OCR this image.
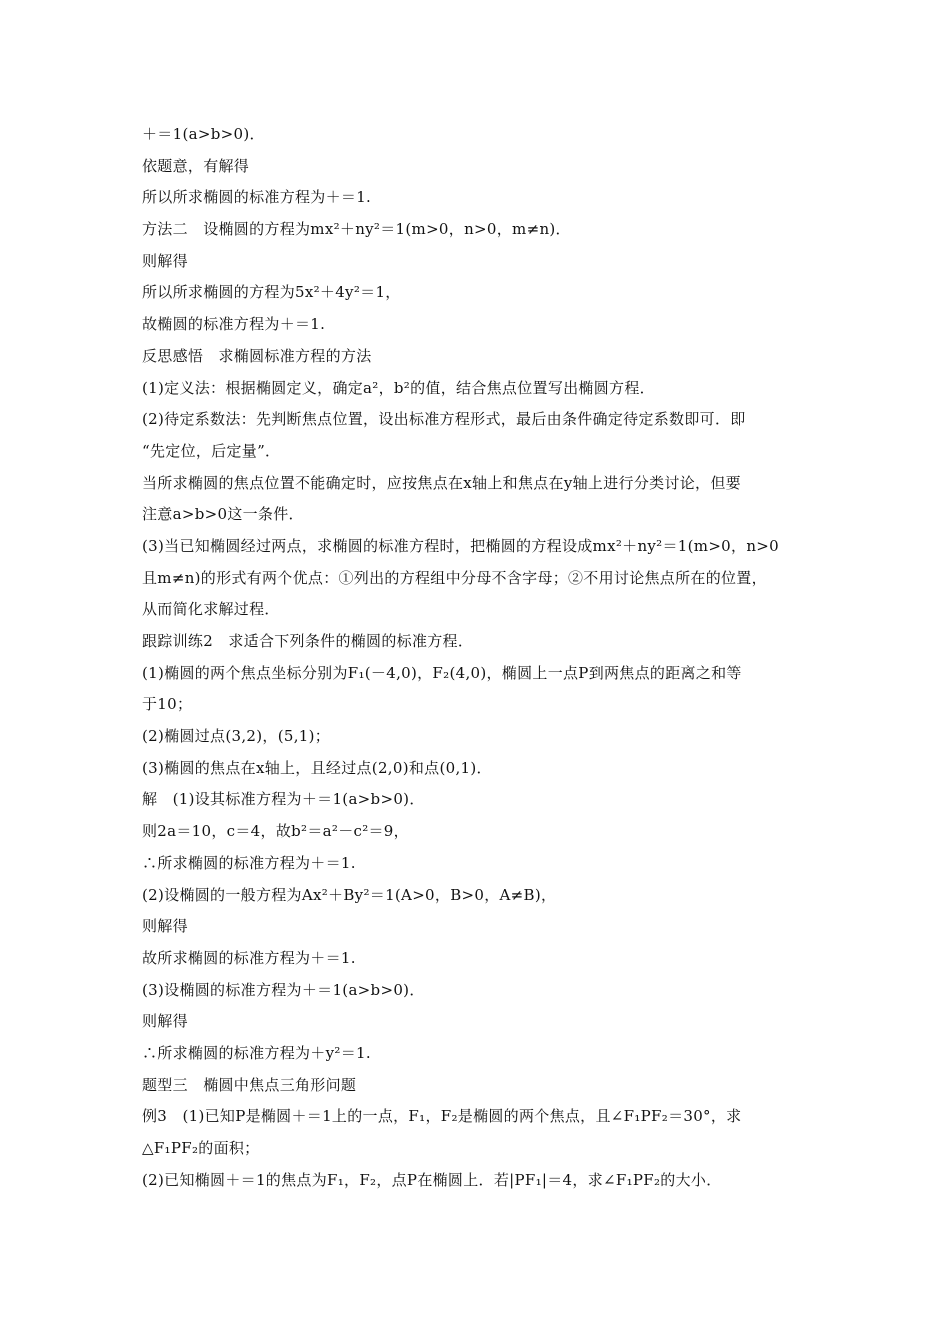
＋＝1(a>b>0)．
依题意，有解得
所以所求椭圆的标准方程为＋＝1.
方法二　设椭圆的方程为mx²＋ny²＝1(m>0，n>0，m≠n)．
则解得
所以所求椭圆的方程为5x²＋4y²＝1，
故椭圆的标准方程为＋＝1.
反思感悟　求椭圆标准方程的方法
(1)定义法：根据椭圆定义，确定a²，b²的值，结合焦点位置写出椭圆方程．
(2)待定系数法：先判断焦点位置，设出标准方程形式，最后由条件确定待定系数即可．即
“先定位，后定量”．
当所求椭圆的焦点位置不能确定时，应按焦点在x轴上和焦点在y轴上进行分类讨论，但要
注意a>b>0这一条件．
(3)当已知椭圆经过两点，求椭圆的标准方程时，把椭圆的方程设成mx²＋ny²＝1(m>0，n>0
且m≠n)的形式有两个优点：①列出的方程组中分母不含字母；②不用讨论焦点所在的位置，
从而简化求解过程．
跟踪训练2　求适合下列条件的椭圆的标准方程．
(1)椭圆的两个焦点坐标分别为F₁(－4,0)，F₂(4,0)，椭圆上一点P到两焦点的距离之和等
于10；
(2)椭圆过点(3,2)，(5,1)；
(3)椭圆的焦点在x轴上，且经过点(2,0)和点(0,1)．
解　(1)设其标准方程为＋＝1(a>b>0)．
则2a＝10，c＝4，故b²＝a²－c²＝9，
∴所求椭圆的标准方程为＋＝1.
(2)设椭圆的一般方程为Ax²＋By²＝1(A>0，B>0，A≠B)，
则解得
故所求椭圆的标准方程为＋＝1.
(3)设椭圆的标准方程为＋＝1(a>b>0)．
则解得
∴所求椭圆的标准方程为＋y²＝1.
题型三　椭圆中焦点三角形问题
例3　(1)已知P是椭圆＋＝1上的一点，F₁，F₂是椭圆的两个焦点，且∠F₁PF₂＝30°，求
△F₁PF₂的面积；
(2)已知椭圆＋＝1的焦点为F₁，F₂，点P在椭圆上．若|PF₁|＝4，求∠F₁PF₂的大小．
